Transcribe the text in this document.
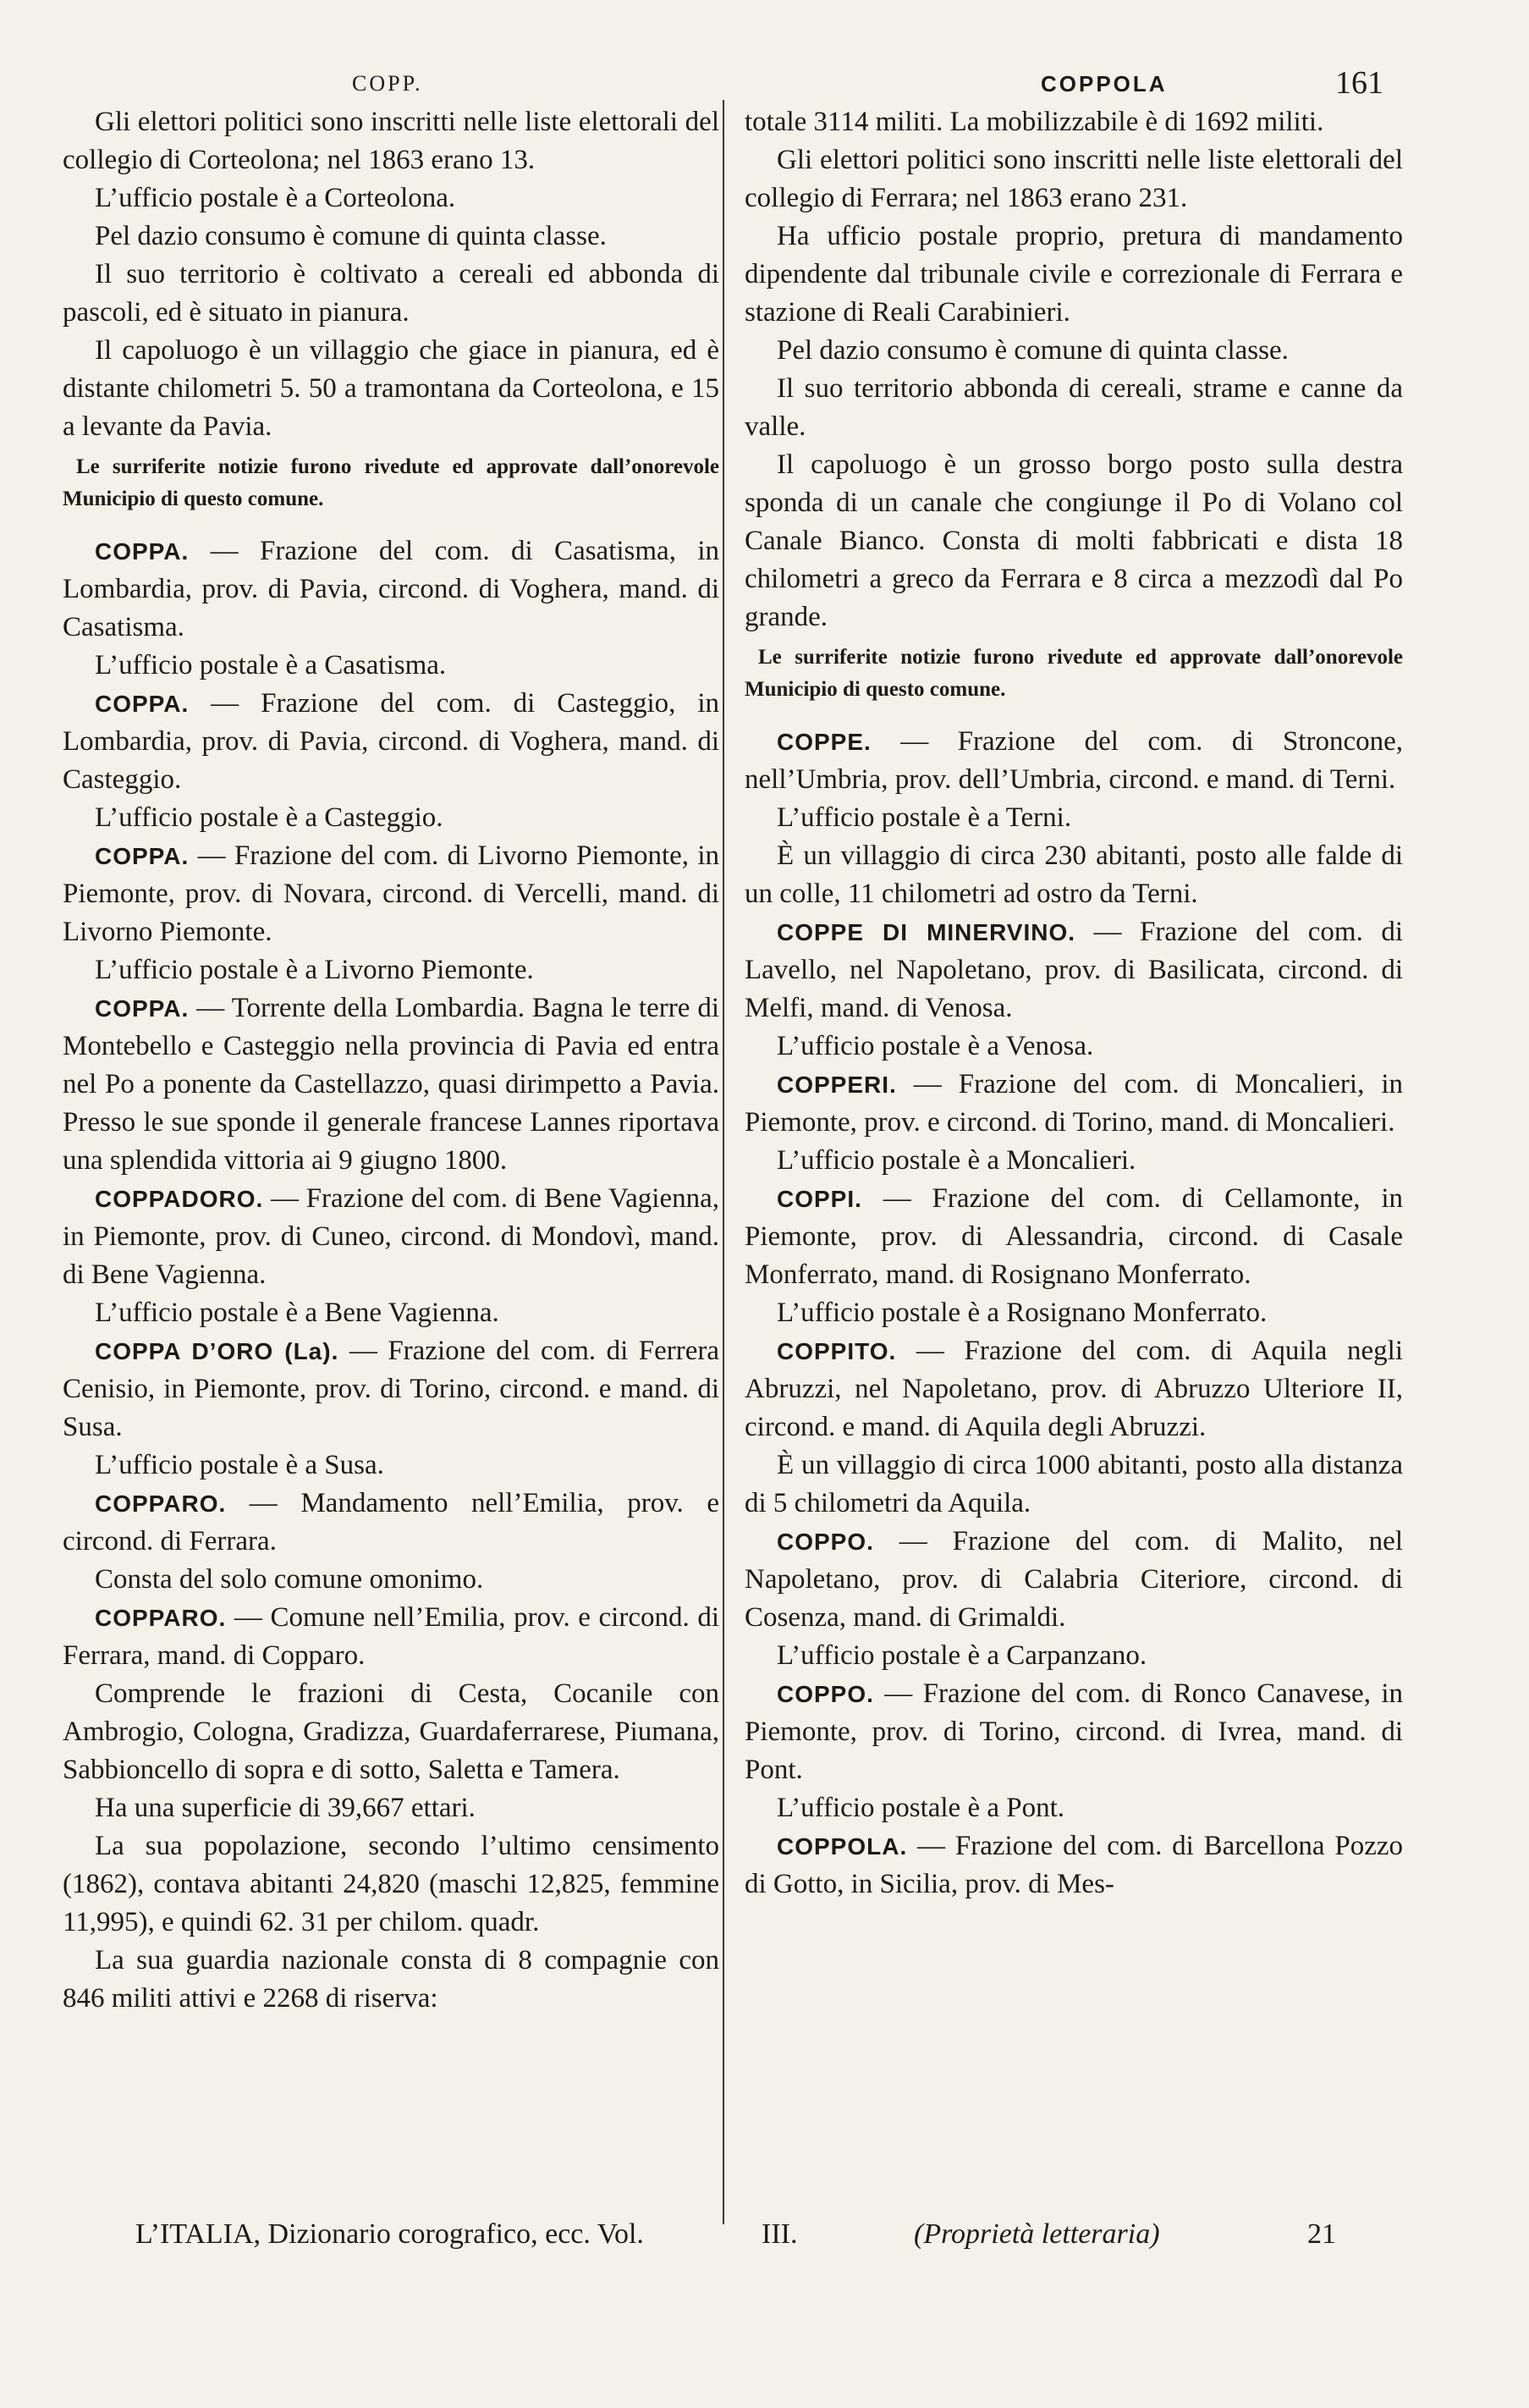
COPP.	COPPOLA	161

Gli elettori politici sono inscritti nelle liste elettorali del collegio di Corteolona; nel 1863 erano 13.

L’ufficio postale è a Corteolona.

Pel dazio consumo è comune di quinta classe.

Il suo territorio è coltivato a cereali ed abbonda di pascoli, ed è situato in pianura.

Il capoluogo è un villaggio che giace in pianura, ed è distante chilometri 5. 50 a tramontana da Corteolona, e 15 a levante da Pavia.

Le surriferite notizie furono rivedute ed approvate dall’onorevole Municipio di questo comune.

COPPA. — Frazione del com. di Casatisma, in Lombardia, prov. di Pavia, circond. di Voghera, mand. di Casatisma.

L’ufficio postale è a Casatisma.

COPPA. — Frazione del com. di Casteggio, in Lombardia, prov. di Pavia, circond. di Voghera, mand. di Casteggio.

L’ufficio postale è a Casteggio.

COPPA. — Frazione del com. di Livorno Piemonte, in Piemonte, prov. di Novara, circond. di Vercelli, mand. di Livorno Piemonte.

L’ufficio postale è a Livorno Piemonte.

COPPA. — Torrente della Lombardia. Bagna le terre di Montebello e Casteggio nella provincia di Pavia ed entra nel Po a ponente da Castellazzo, quasi dirimpetto a Pavia. Presso le sue sponde il generale francese Lannes riportava una splendida vittoria ai 9 giugno 1800.

COPPADORO. — Frazione del com. di Bene Vagienna, in Piemonte, prov. di Cuneo, circond. di Mondovì, mand. di Bene Vagienna.

L’ufficio postale è a Bene Vagienna.

COPPA D’ORO (La). — Frazione del com. di Ferrera Cenisio, in Piemonte, prov. di Torino, circond. e mand. di Susa.

L’ufficio postale è a Susa.

COPPARO. — Mandamento nell’Emilia, prov. e circond. di Ferrara.

Consta del solo comune omonimo.

COPPARO. — Comune nell’Emilia, prov. e circond. di Ferrara, mand. di Copparo.

Comprende le frazioni di Cesta, Cocanile con Ambrogio, Cologna, Gradizza, Guardaferrarese, Piumana, Sabbioncello di sopra e di sotto, Saletta e Tamera.

Ha una superficie di 39,667 ettari.

La sua popolazione, secondo l’ultimo censimento (1862), contava abitanti 24,820 (maschi 12,825, femmine 11,995), e quindi 62. 31 per chilom. quadr.

La sua guardia nazionale consta di 8 compagnie con 846 militi attivi e 2268 di riserva:

totale 3114 militi. La mobilizzabile è di 1692 militi.

Gli elettori politici sono inscritti nelle liste elettorali del collegio di Ferrara; nel 1863 erano 231.

Ha ufficio postale proprio, pretura di mandamento dipendente dal tribunale civile e correzionale di Ferrara e stazione di Reali Carabinieri.

Pel dazio consumo è comune di quinta classe.

Il suo territorio abbonda di cereali, strame e canne da valle.

Il capoluogo è un grosso borgo posto sulla destra sponda di un canale che congiunge il Po di Volano col Canale Bianco. Consta di molti fabbricati e dista 18 chilometri a greco da Ferrara e 8 circa a mezzodì dal Po grande.

Le surriferite notizie furono rivedute ed approvate dall’onorevole Municipio di questo comune.

COPPE. — Frazione del com. di Stroncone, nell’Umbria, prov. dell’Umbria, circond. e mand. di Terni.

L’ufficio postale è a Terni.

È un villaggio di circa 230 abitanti, posto alle falde di un colle, 11 chilometri ad ostro da Terni.

COPPE DI MINERVINO. — Frazione del com. di Lavello, nel Napoletano, prov. di Basilicata, circond. di Melfi, mand. di Venosa.

L’ufficio postale è a Venosa.

COPPERI. — Frazione del com. di Moncalieri, in Piemonte, prov. e circond. di Torino, mand. di Moncalieri.

L’ufficio postale è a Moncalieri.

COPPI. — Frazione del com. di Cellamonte, in Piemonte, prov. di Alessandria, circond. di Casale Monferrato, mand. di Rosignano Monferrato.

L’ufficio postale è a Rosignano Monferrato.

COPPITO. — Frazione del com. di Aquila negli Abruzzi, nel Napoletano, prov. di Abruzzo Ulteriore II, circond. e mand. di Aquila degli Abruzzi.

È un villaggio di circa 1000 abitanti, posto alla distanza di 5 chilometri da Aquila.

COPPO. — Frazione del com. di Malito, nel Napoletano, prov. di Calabria Citeriore, circond. di Cosenza, mand. di Grimaldi.

L’ufficio postale è a Carpanzano.

COPPO. — Frazione del com. di Ronco Canavese, in Piemonte, prov. di Torino, circond. di Ivrea, mand. di Pont.

L’ufficio postale è a Pont.

COPPOLA. — Frazione del com. di Barcellona Pozzo di Gotto, in Sicilia, prov. di Mes-

L’ITALIA, Dizionario corografico, ecc. Vol.	III.	(Proprietà letteraria)	21
